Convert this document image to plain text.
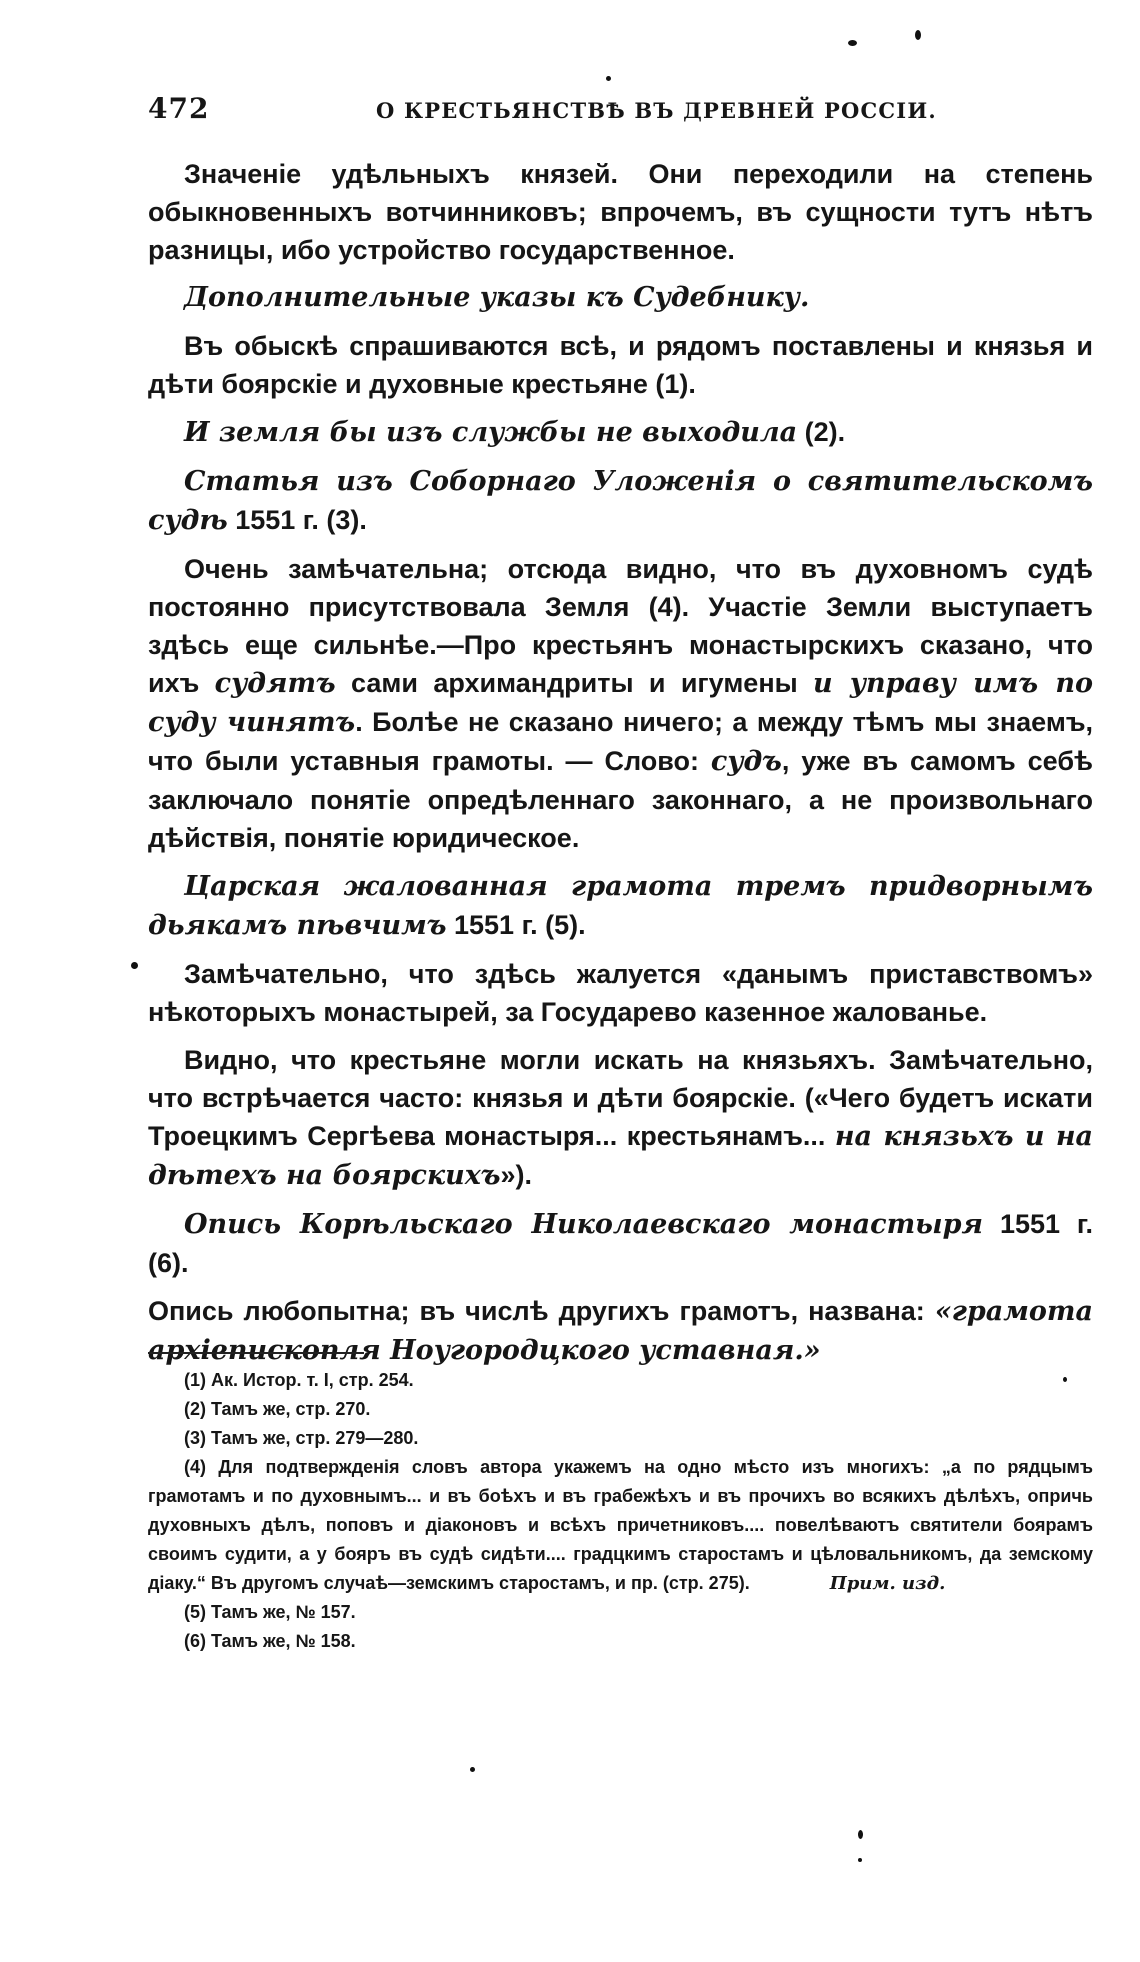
472	О КРЕСТЬЯНСТВѢ ВЪ ДРЕВНЕЙ РОССІИ.

Значеніе удѣльныхъ князей. Они переходили на степень обыкновенныхъ вотчинниковъ; впрочемъ, въ сущности тутъ нѣтъ разницы, ибо устройство государственное.

Дополнительные указы къ Судебнику.

Въ обыскѣ спрашиваются всѣ, и рядомъ поставлены и князья и дѣти боярскіе и духовные крестьяне (1).

И земля бы изъ службы не выходила (2).

Статья изъ Соборнаго Уложенія о святительскомъ судѣ 1551 г. (3).

Очень замѣчательна; отсюда видно, что въ духовномъ судѣ постоянно присутствовала Земля (4). Участіе Земли выступаетъ здѣсь еще сильнѣе.—Про крестьянъ монастырскихъ сказано, что ихъ судятъ сами архимандриты и игумены и управу имъ по суду чинятъ. Болѣе не сказано ничего; а между тѣмъ мы знаемъ, что были уставныя грамоты. — Слово: судъ, уже въ самомъ себѣ заключало понятіе опредѣленнаго законнаго, а не произвольнаго дѣйствія, понятіе юридическое.

Царская жалованная грамота тремъ придворнымъ дьякамъ пѣвчимъ 1551 г. (5).

Замѣчательно, что здѣсь жалуется «данымъ приставствомъ» нѣкоторыхъ монастырей, за Государево казенное жалованье.

Видно, что крестьяне могли искать на князьяхъ. Замѣчательно, что встрѣчается часто: князья и дѣти боярскіе. («Чего будетъ искати Троецкимъ Сергѣева монастыря... крестьянамъ... на князьхъ и на дѣтехъ на боярскихъ»).

Опись Корѣльскаго Николаевскаго монастыря 1551 г. (6).

Опись любопытна; въ числѣ другихъ грамотъ, названа: «грамота архіепископля Ноугородцкого уставная.»

(1) Ак. Истор. т. I, стр. 254.

(2) Тамъ же, стр. 270.

(3) Тамъ же, стр. 279—280.

(4) Для подтвержденія словъ автора укажемъ на одно мѣсто изъ многихъ: „а по рядцымъ грамотамъ и по духовнымъ... и въ боѣхъ и въ грабежѣхъ и въ прочихъ во всякихъ дѣлѣхъ, опричь духовныхъ дѣлъ, поповъ и діаконовъ и всѣхъ причетниковъ.... повелѣваютъ святители боярамъ своимъ судити, а у бояръ въ судѣ сидѣти.... градцкимъ старостамъ и цѣловальникомъ, да земскому діаку.“ Въ другомъ случаѣ—земскимъ старостамъ, и пр. (стр. 275).	Прим. изд.

(5) Тамъ же, № 157.

(6) Тамъ же, № 158.
